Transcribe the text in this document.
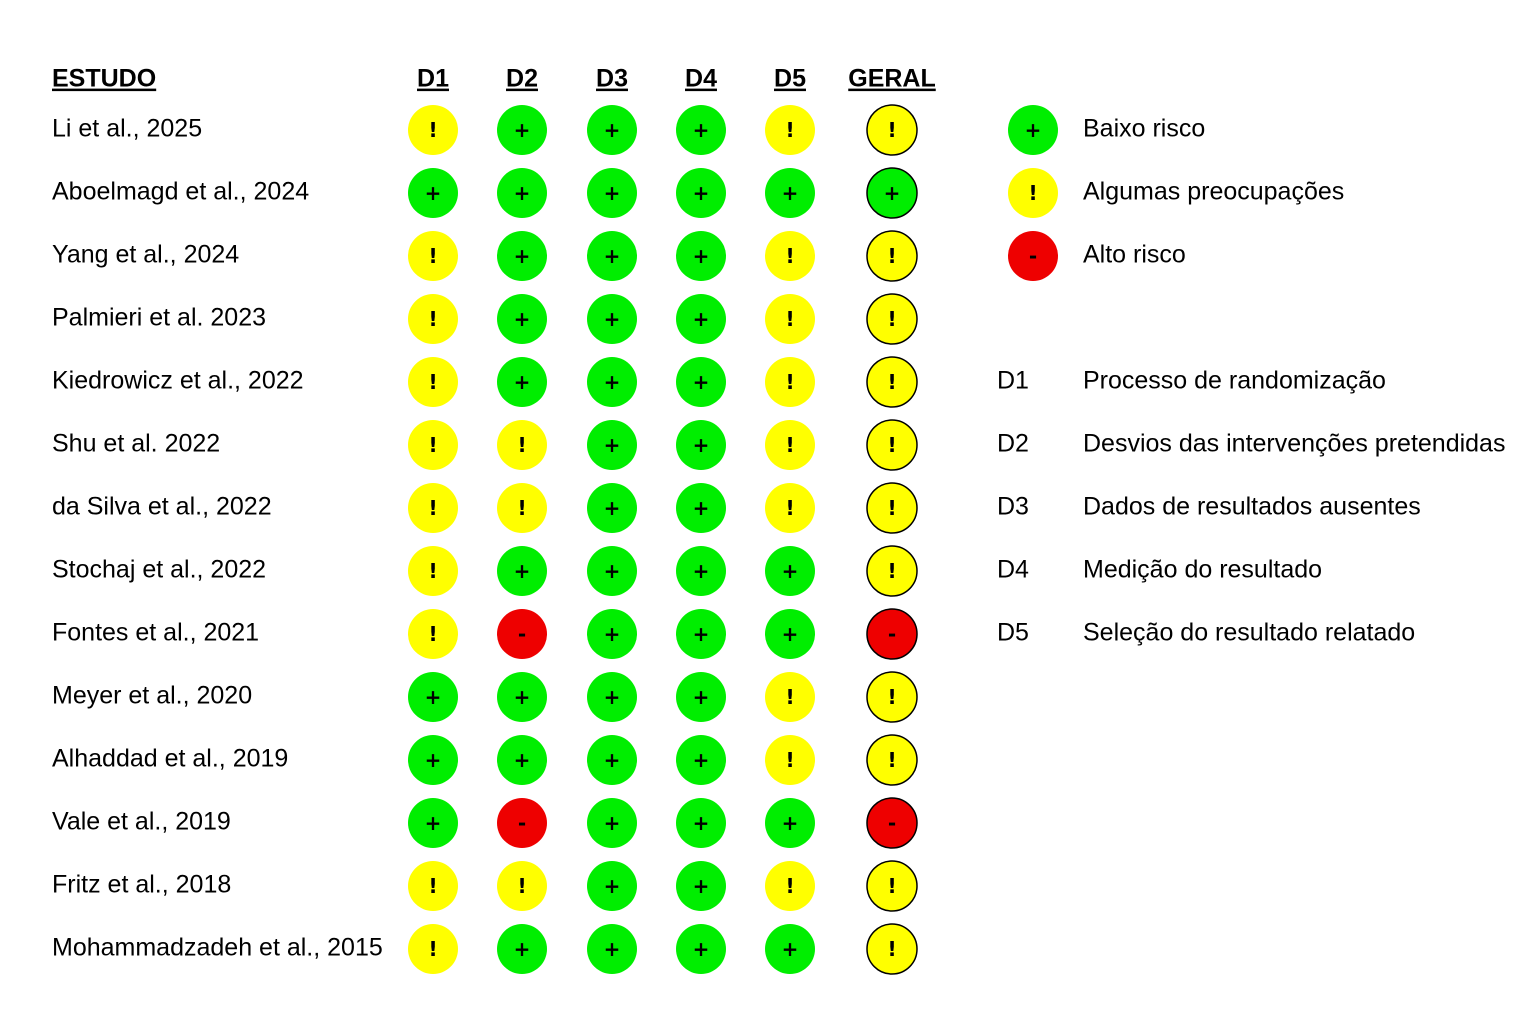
ESTUDO	D1 D2 D3 D4 D5 GERAL
Li et al., 2025	!	+	+	+	!	!
Aboelmagd et al., 2024	+	+	+	+	+	+
Yang et al., 2024	!	+	+	+	!	!
Palmieri et al. 2023	!	+	+	+	!	!
Kiedrowicz et al., 2022	!	+	+	+	!	!
Shu et al. 2022	!	!	+	+	!	!
da Silva et al., 2022	!	!	+	+	!	!
Stochaj et al., 2022	!	+	+	+	+	!
Fontes et al., 2021	!	-	+	+	+	-
Meyer et al., 2020	+	+	+	+	!	!
Alhaddad et al., 2019	+	+	+	+	!	!
Vale et al., 2019	+	-	+	+	+	-
Fritz et al., 2018	!	!	+	+	!	!
Mohammadzadeh et al., 2015 !	+	+	+	+	!
+ Baixo risco
! Algumas preocupações
- Alto risco
D1 Processo de randomização
D2 Desvios das intervenções pretendidas
D3 Dados de resultados ausentes
D4 Medição do resultado
D5 Seleção do resultado relatado
